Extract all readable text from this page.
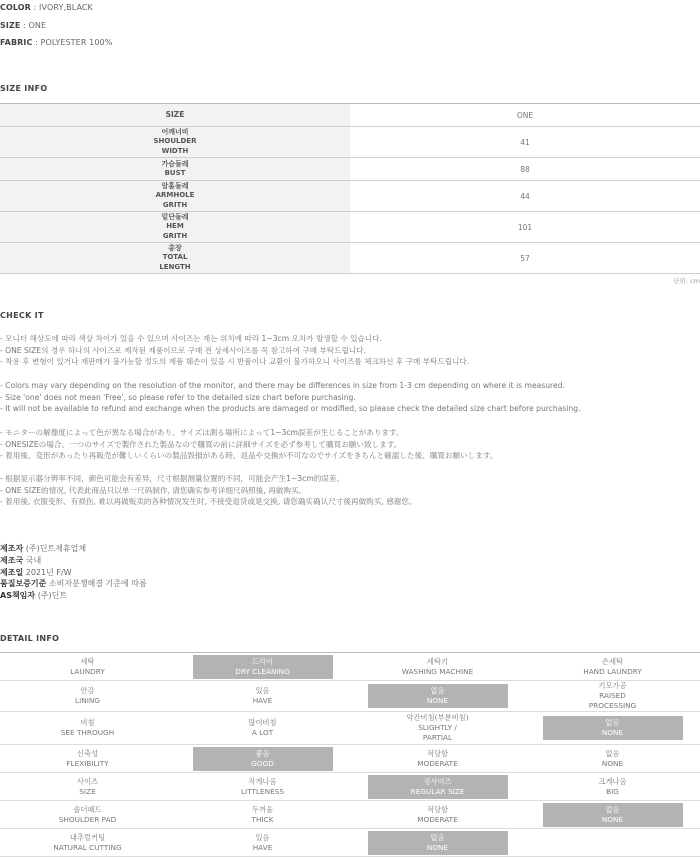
COLOR : IVORY,BLACK
SIZE : ONE
FABRIC : POLYESTER 100%
SIZE INFO
SIZE	ONE
어깨너비
SHOULDER
WIDTH
41
가슴둘레
BUST	88
암홀둘레
ARMHOLE
GRITH
44
밑단둘레
HEM
GRITH
101
총장
TOTAL
LENGTH
57
단위: cm
CHECK IT
- 모니터 해상도에 따라 색상 차이가 있을 수 있으며 사이즈는 재는 위치에 따라 1~3cm 오차가 발생할 수 있습니다.
- ONE SIZE의 경우 하나의 사이즈로 제작된 제품이므로 구매 전 상세사이즈를 꼭 참고하여 구매 부탁드립니다.
- 착용 후 변형이 있거나 재판매가 불가능할 정도의 제품 훼손이 있을 시 반품이나 교환이 불가하오니 사이즈를 체크하신 후 구매 부탁드립니다.
- Colors may vary depending on the resolution of the monitor, and there may be differences in size from 1-3 cm depending on where it is measured.
- Size 'one' does not mean 'Free', so please refer to the detailed size chart before purchasing.
- It will not be available to refund and exchange when the products are damaged or modified, so please check the detailed size chart before purchasing.
- モニターの解像度によって色が異なる場合があり、サイズは測る場所によって1~3cm誤差が生じることがあります。
- ONESIZEの場合、一つのサイズで製作された製品なので購買の前に詳細サイズを必ず参考して購買お願い致します。
- 着用後、変形があったり再販売が難しいくらいの製品毀損がある時、返品や交換が不可なのでサイズをきちんと確認した後、購買お願いします。
- 根据显示器分辨率不同，颜色可能会有差异，尺寸根据测量位置的不同，可能会产生1~3cm的误差。
- ONE SIZE的情况, 代表此商品只以单一尺码制作, 请您确实参考详细尺码照後, 再做购买。
- 着用後, 衣服变形、有损伤, 难以再做贩卖的各种情况发生时, 不接受退货或是交换, 请您确实确认尺寸後再做购买, 感谢您。
제조자 (주)딘트제휴업체
제조국 국내
제조일 2021년 F/W
품질보증기준 소비자분쟁해결 기준에 따름
AS책임자 (주)딘트
DETAIL INFO
세탁
LAUNDRY
드라이
DRY CLEANING
세탁기
WASHING MACHINE
손세탁
HAND LAUNDRY
안감
LINING
있음
HAVE
없음
NONE
기모가공
RAISED
PROCESSING
비침
SEE THROUGH
많이비침
A LOT
약간비침(부분비침)
SLIGHTLY /
PARTIAL
없음
NONE
신축성
FLEXIBILITY
좋음
GOOD
적당함
MODERATE
없음
NONE
사이즈
SIZE
작게나옴
LITTLENESS
정사이즈
REGULAR SIZE
크게나옴
BIG
숄더패드
SHOULDER PAD
두꺼움
THICK
적당함
MODERATE
없음
NONE
내추럴커팅
NATURAL CUTTING
있음
HAVE
없음
NONE
